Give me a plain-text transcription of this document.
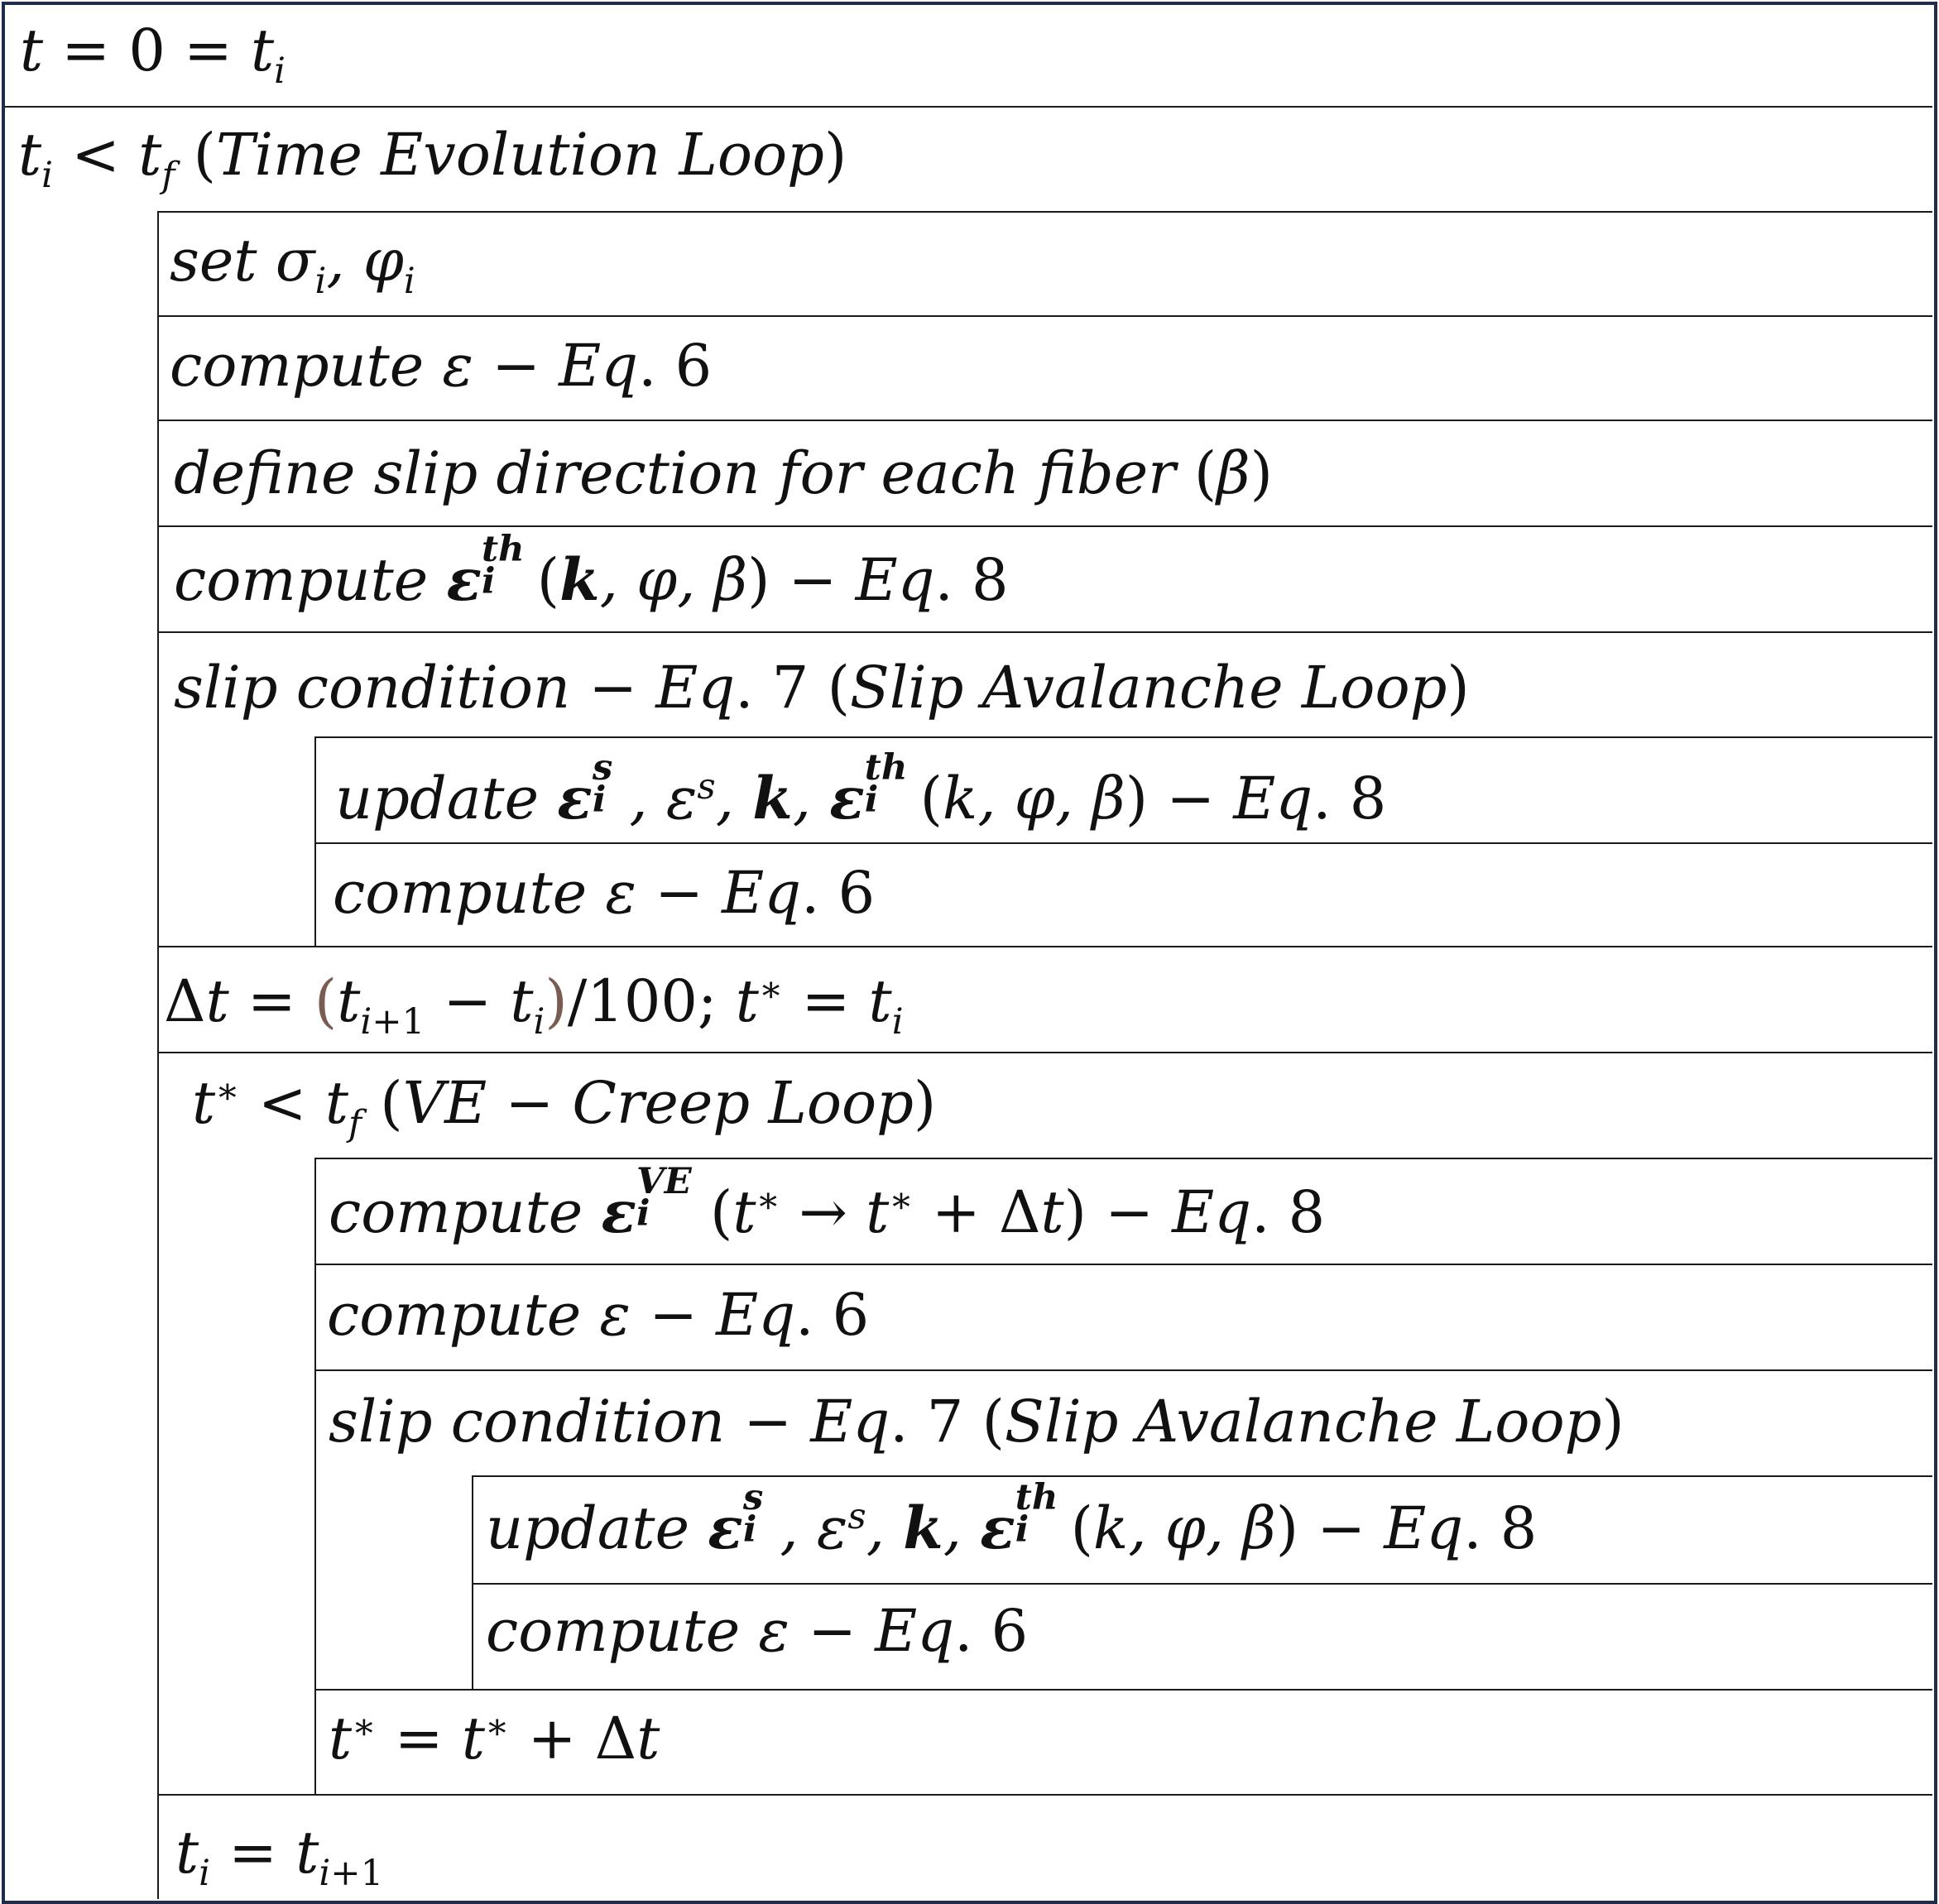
$t = 0 = t_i$
$t_i < t_f$ (Time Evolution Loop)
set $\sigma_i$, $\varphi_i$
compute ε − Eq. 6
define slip direction for each fiber (β)
compute ε th
i (k, φ, β) − Eq. 8
slip condition − Eq. 7 (Slip Avalanche Loop)
update ε s
i , $\varepsilon^s$, k, ε th
i (k, φ, β) − Eq. 8
compute ε − Eq. 6
$\Delta t = (t_{i+1} - t_i)/100$; $t^∗ = t_i$
$t^∗ < t_f$ (VE − Creep Loop)
compute ε VE
i (t∗ → t∗ + Δt) − Eq. 8
compute ε − Eq. 6
slip condition − Eq. 7 (Slip Avalanche Loop)
update ε s
i , $\varepsilon^s$, k, ε th
i (k, φ, β) − Eq. 8
compute ε − Eq. 6
t∗ = t∗ + Δt
$t_i = t_{i+1}$
